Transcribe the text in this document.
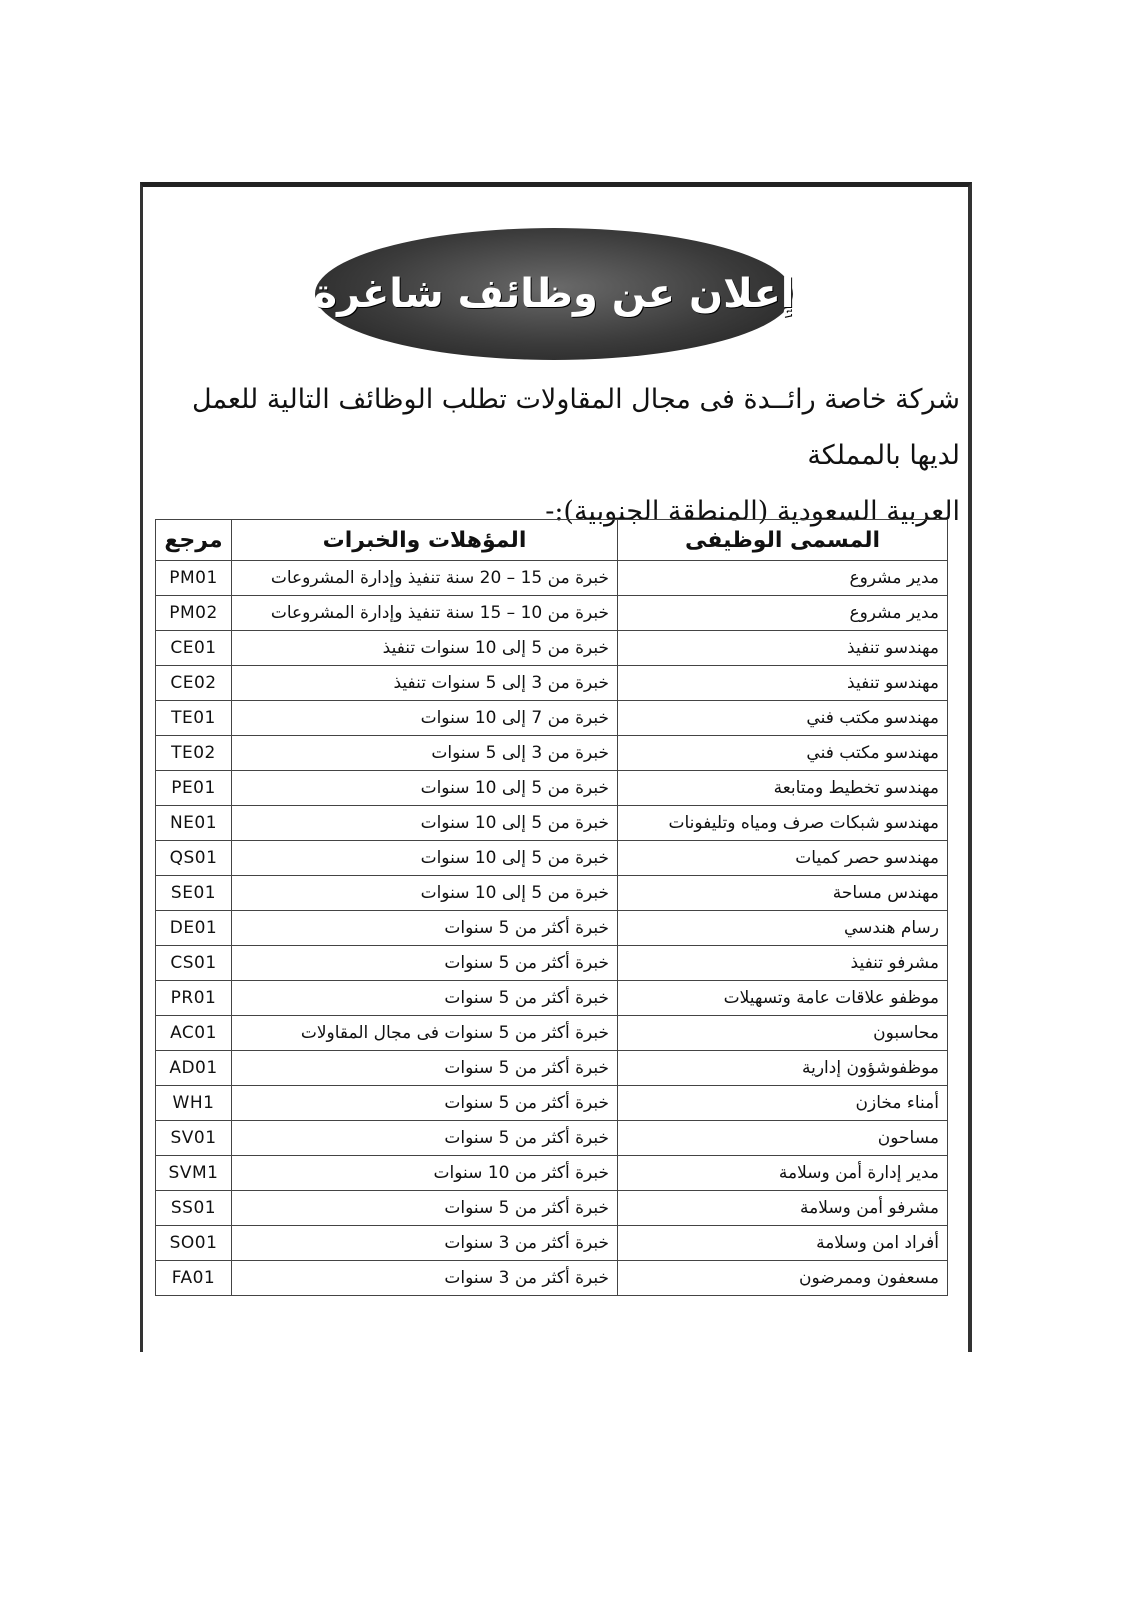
إعلان عن وظائف شاغرة
شركة خاصة رائــدة فى مجال المقاولات تطلب الوظائف التالية للعمل لديها بالمملكة
العربية السعودية (المنطقة الجنوبية):-
المسمى الوظيفى	المؤهلات والخبرات	مرجع
مدير مشروع	خبرة من 15 – 20 سنة تنفيذ وإدارة المشروعات	PM01
مدير مشروع	خبرة من 10 – 15 سنة تنفيذ وإدارة المشروعات	PM02
مهندسو تنفيذ	خبرة من 5 إلى 10 سنوات تنفيذ	CE01
مهندسو تنفيذ	خبرة من 3 إلى 5 سنوات تنفيذ	CE02
مهندسو مكتب فني	خبرة من 7 إلى 10 سنوات	TE01
مهندسو مكتب فني	خبرة من 3 إلى 5 سنوات	TE02
مهندسو تخطيط ومتابعة	خبرة من 5 إلى 10 سنوات	PE01
مهندسو شبكات صرف ومياه وتليفونات	خبرة من 5 إلى 10 سنوات	NE01
مهندسو حصر كميات	خبرة من 5 إلى 10 سنوات	QS01
مهندس مساحة	خبرة من 5 إلى 10 سنوات	SE01
رسام هندسي	خبرة أكثر من 5 سنوات	DE01
مشرفو تنفيذ	خبرة أكثر من 5 سنوات	CS01
موظفو علاقات عامة وتسهيلات	خبرة أكثر من 5 سنوات	PR01
محاسبون	خبرة أكثر من 5 سنوات فى مجال المقاولات	AC01
موظفوشؤون إدارية	خبرة أكثر من 5 سنوات	AD01
أمناء مخازن	خبرة أكثر من 5 سنوات	WH1
مساحون	خبرة أكثر من 5 سنوات	SV01
مدير إدارة أمن وسلامة	خبرة أكثر من 10 سنوات	SVM1
مشرفو أمن وسلامة	خبرة أكثر من 5 سنوات	SS01
أفراد امن وسلامة	خبرة أكثر من 3 سنوات	SO01
مسعفون وممرضون	خبرة أكثر من 3 سنوات	FA01
